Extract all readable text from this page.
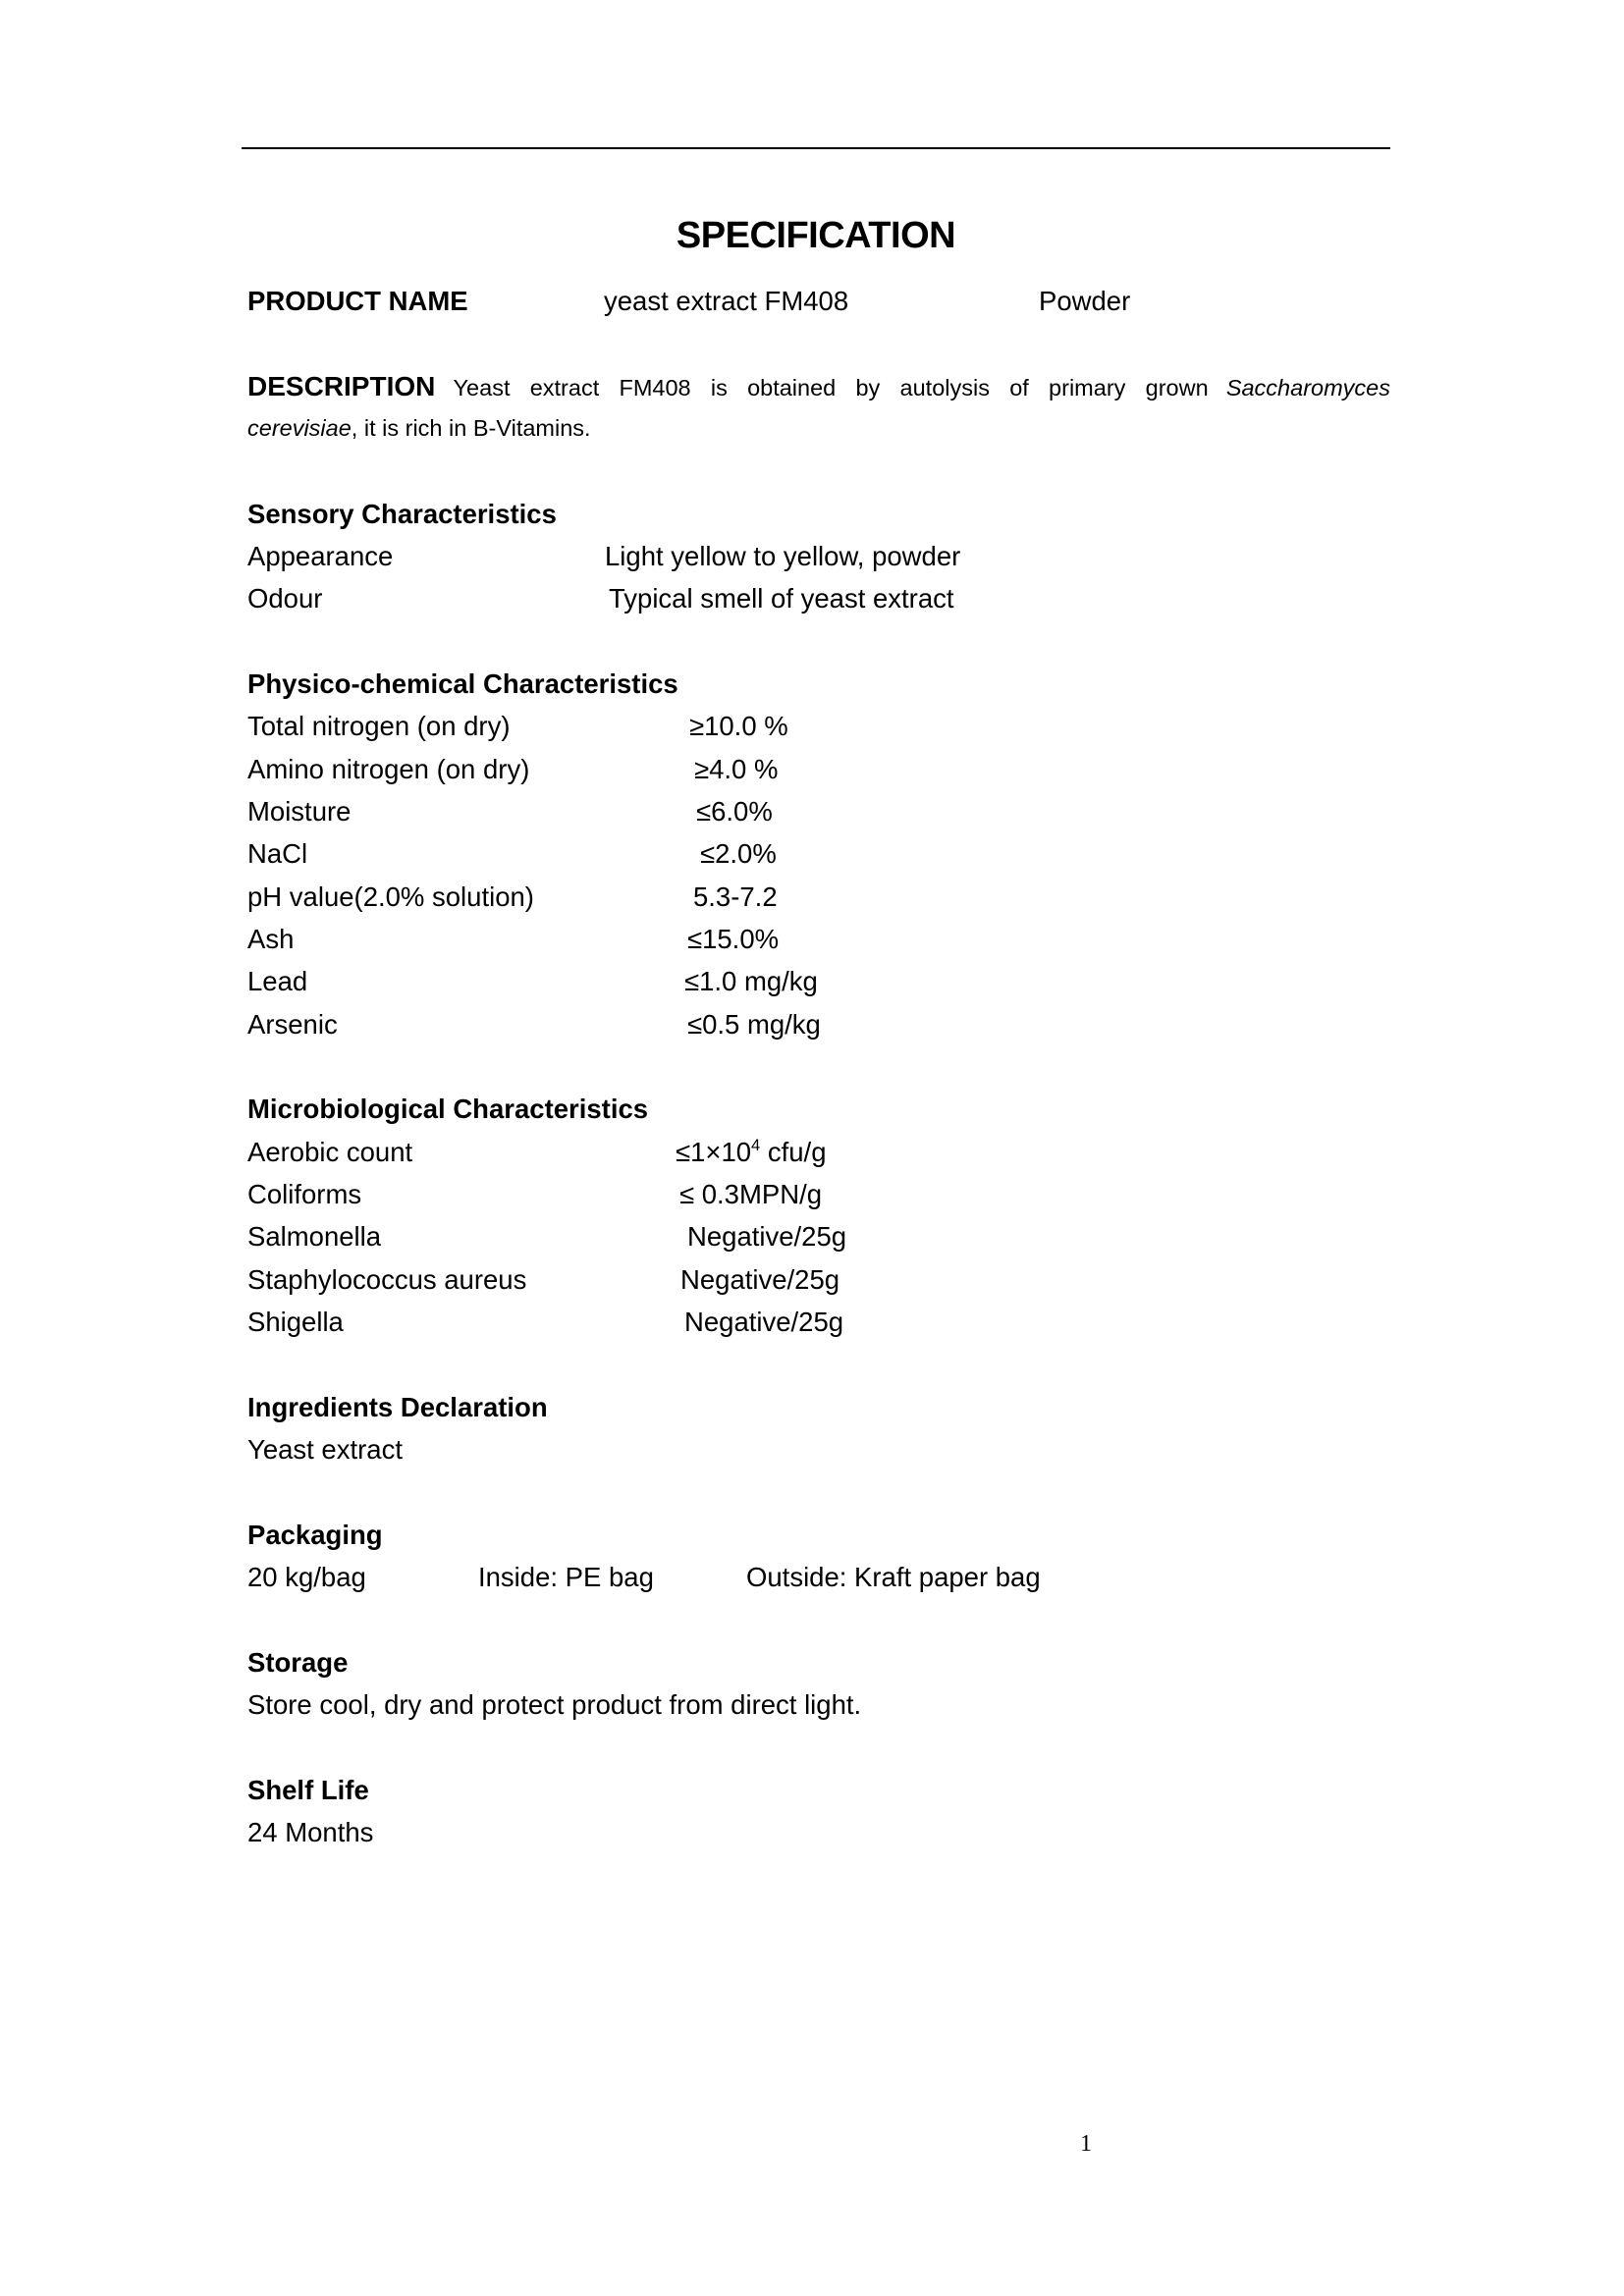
SPECIFICATION
PRODUCT NAME	yeast extract FM408	Powder
DESCRIPTION Yeast extract FM408 is obtained by autolysis of primary grown Saccharomyces
cerevisiae, it is rich in B-Vitamins.
Sensory Characteristics
Appearance	Light yellow to yellow, powder
Odour	Typical smell of yeast extract
Physico-chemical Characteristics
Total nitrogen (on dry)	≥10.0 %
Amino nitrogen (on dry)	≥4.0 %
Moisture	≤6.0%
NaCl	≤2.0%
pH value(2.0% solution)	5.3-7.2
Ash	≤15.0%
Lead	≤1.0 mg/kg
Arsenic	≤0.5 mg/kg
Microbiological Characteristics
Aerobic count	$\le 1\times 10^4$ cfu/g
Coliforms	≤ 0.3MPN/g
Salmonella	Negative/25g
Staphylococcus aureus	Negative/25g
Shigella	Negative/25g
Ingredients Declaration
Yeast extract
Packaging
20 kg/bag	Inside: PE bag	Outside: Kraft paper bag
Storage
Store cool, dry and protect product from direct light.
Shelf Life
24 Months
1
